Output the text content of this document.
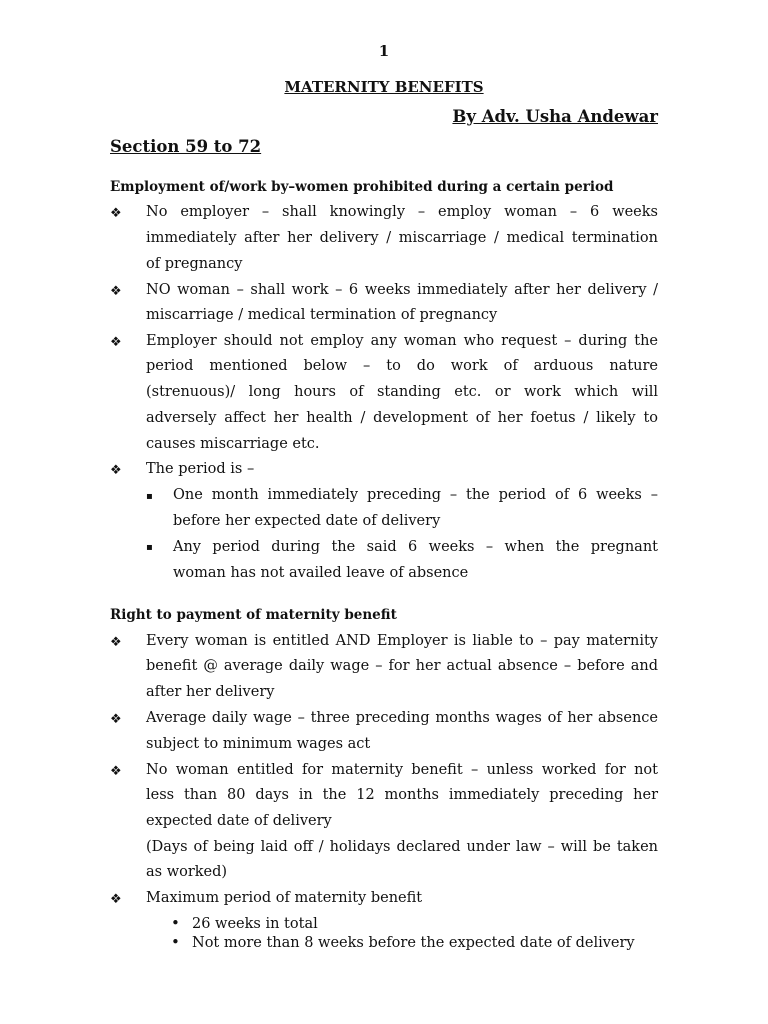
1
MATERNITY BENEFITS
By Adv. Usha Andewar
Section 59 to 72
Employment of/work by–women prohibited during a certain period
❖ No employer – shall knowingly – employ woman – 6 weeks
immediately after her delivery / miscarriage / medical termination
of pregnancy
❖ NO woman – shall work – 6 weeks immediately after her delivery /
miscarriage / medical termination of pregnancy
❖ Employer should not employ any woman who request – during the
period mentioned below – to do work of arduous nature
(strenuous)/ long hours of standing etc. or work which will
adversely affect her health / development of her foetus / likely to
causes miscarriage etc.
❖ The period is –
▪ One month immediately preceding – the period of 6 weeks –
before her expected date of delivery
▪ Any period during the said 6 weeks – when the pregnant
woman has not availed leave of absence
Right to payment of maternity benefit
❖ Every woman is entitled AND Employer is liable to – pay maternity
benefit @ average daily wage – for her actual absence – before and
after her delivery
❖ Average daily wage – three preceding months wages of her absence
subject to minimum wages act
❖ No woman entitled for maternity benefit – unless worked for not
less than 80 days in the 12 months immediately preceding her
expected date of delivery
(Days of being laid off / holidays declared under law – will be taken
as worked)
❖ Maximum period of maternity benefit
• 26 weeks in total
• Not more than 8 weeks before the expected date of delivery
